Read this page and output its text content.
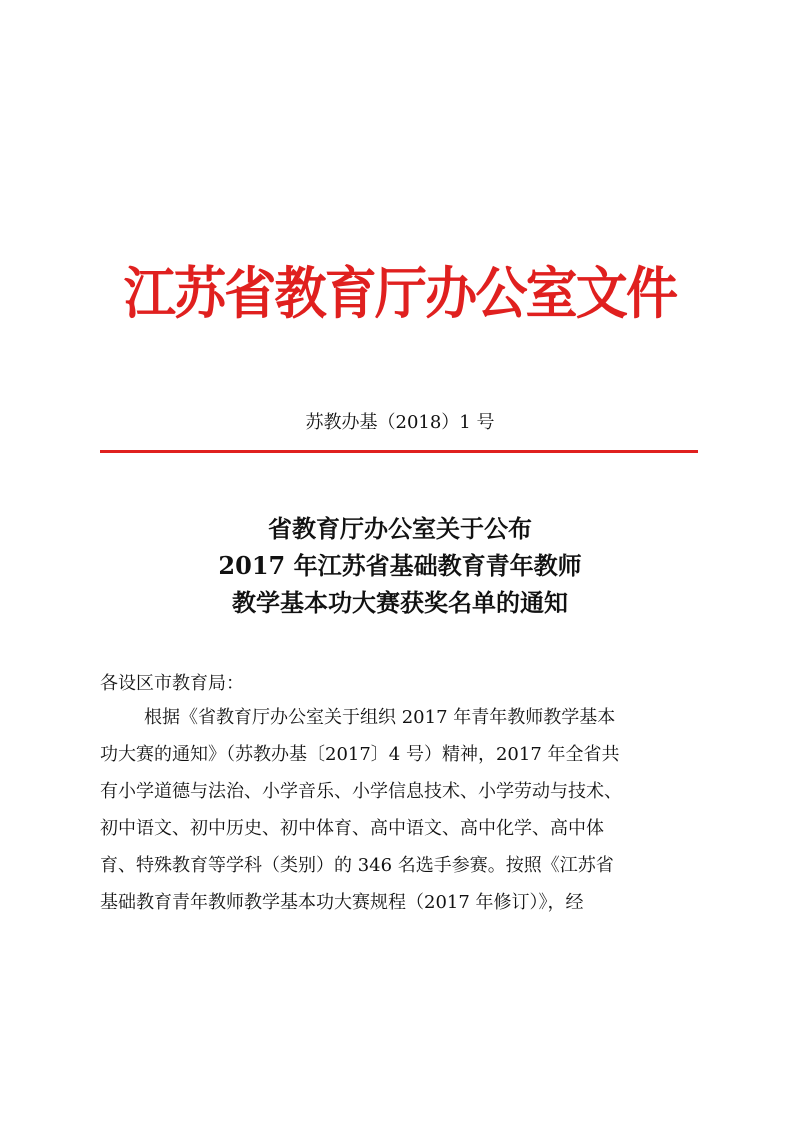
江苏省教育厅办公室文件
苏教办基（2018）1 号
省教育厅办公室关于公布
2017 年江苏省基础教育青年教师
教学基本功大赛获奖名单的通知
各设区市教育局：
根据《省教育厅办公室关于组织 2017 年青年教师教学基本
功大赛的通知》（苏教办基〔2017〕4 号）精神，2017 年全省共
有小学道德与法治、小学音乐、小学信息技术、小学劳动与技术、
初中语文、初中历史、初中体育、高中语文、高中化学、高中体
育、特殊教育等学科（类别）的 346 名选手参赛。按照《江苏省
基础教育青年教师教学基本功大赛规程（2017 年修订）》，经
